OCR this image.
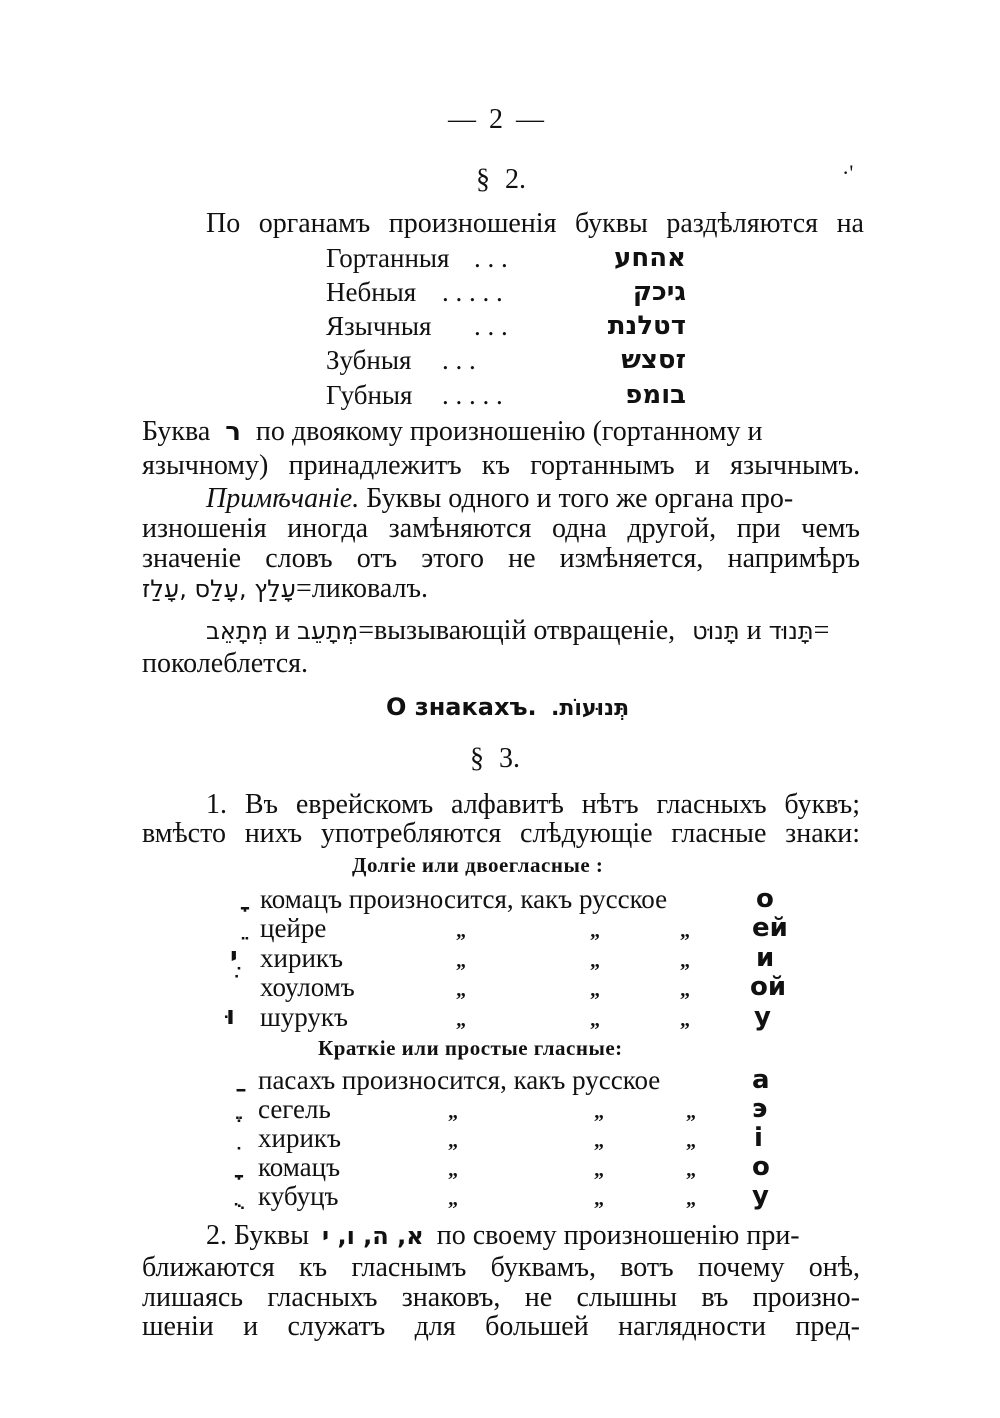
— 2 —
·'
§ 2.
По органамъ произношенія буквы раздѣляются на
Гортанныя . . .	אהחע
Небныя . . . . .	גיכק
Язычныя . . .	דטלנת
Зубныя . . .	זסצש
Губныя . . . . .	בומפ
Буква ר по двоякому произношенію (гортанному и
язычному) принадлежитъ къ гортаннымъ и язычнымъ.
Примѣчаніе. Буквы одного и того же органа про-
изношенія иногда замѣняются одна другой, при чемъ
значеніе словъ отъ этого не измѣняется, напримѣръ
עָלַץ ,עָלַס ,עָלַז=ликовалъ.
מְתָאֵב и מְתָעֵב=вызывающій отвращеніе, תָּנוּט и תָּנוּד=
поколеблется.
О знакахъ. תְּנוּעוֹת.
§ 3.
1. Въ еврейскомъ алфавитѣ нѣтъ гласныхъ буквъ;
вмѣсто нихъ употребляются слѣдующіе гласные знаки:
Долгіе или двоегласные :
комацъ произносится, какъ русское	о
цейре	„	„	„ ей
ִי хирикъ	„	„	„	и
хоуломъ	„	„	„ ой
וּ шурукъ	„	„	„ у
Краткіе или простые гласные:
пасахъ произносится, какъ русское	а
сегель	„	„	„ э
хирикъ	„	„	„ і
комацъ	„	„	„ о
кубуцъ	„	„	„ у
2. Буквы א, ה, ו, י по своему произношенію при-
ближаются къ гласнымъ буквамъ, вотъ почему онѣ,
лишаясь гласныхъ знаковъ, не слышны въ произно-
шеніи и служатъ для большей наглядности пред-
